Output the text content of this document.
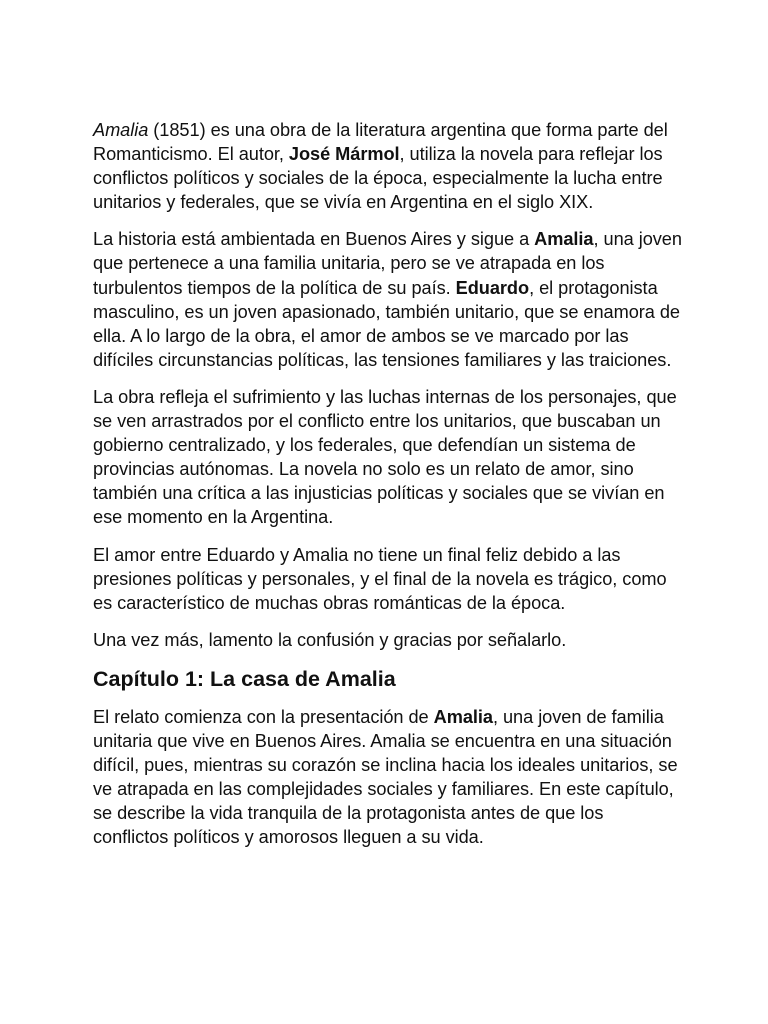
Amalia (1851) es una obra de la literatura argentina que forma parte del Romanticismo. El autor, José Mármol, utiliza la novela para reflejar los conflictos políticos y sociales de la época, especialmente la lucha entre unitarios y federales, que se vivía en Argentina en el siglo XIX.

La historia está ambientada en Buenos Aires y sigue a Amalia, una joven que pertenece a una familia unitaria, pero se ve atrapada en los turbulentos tiempos de la política de su país. Eduardo, el protagonista masculino, es un joven apasionado, también unitario, que se enamora de ella. A lo largo de la obra, el amor de ambos se ve marcado por las difíciles circunstancias políticas, las tensiones familiares y las traiciones.

La obra refleja el sufrimiento y las luchas internas de los personajes, que se ven arrastrados por el conflicto entre los unitarios, que buscaban un gobierno centralizado, y los federales, que defendían un sistema de provincias autónomas. La novela no solo es un relato de amor, sino también una crítica a las injusticias políticas y sociales que se vivían en ese momento en la Argentina.

El amor entre Eduardo y Amalia no tiene un final feliz debido a las presiones políticas y personales, y el final de la novela es trágico, como es característico de muchas obras románticas de la época.

Una vez más, lamento la confusión y gracias por señalarlo.

Capítulo 1: La casa de Amalia

El relato comienza con la presentación de Amalia, una joven de familia unitaria que vive en Buenos Aires. Amalia se encuentra en una situación difícil, pues, mientras su corazón se inclina hacia los ideales unitarios, se ve atrapada en las complejidades sociales y familiares. En este capítulo, se describe la vida tranquila de la protagonista antes de que los conflictos políticos y amorosos lleguen a su vida.
